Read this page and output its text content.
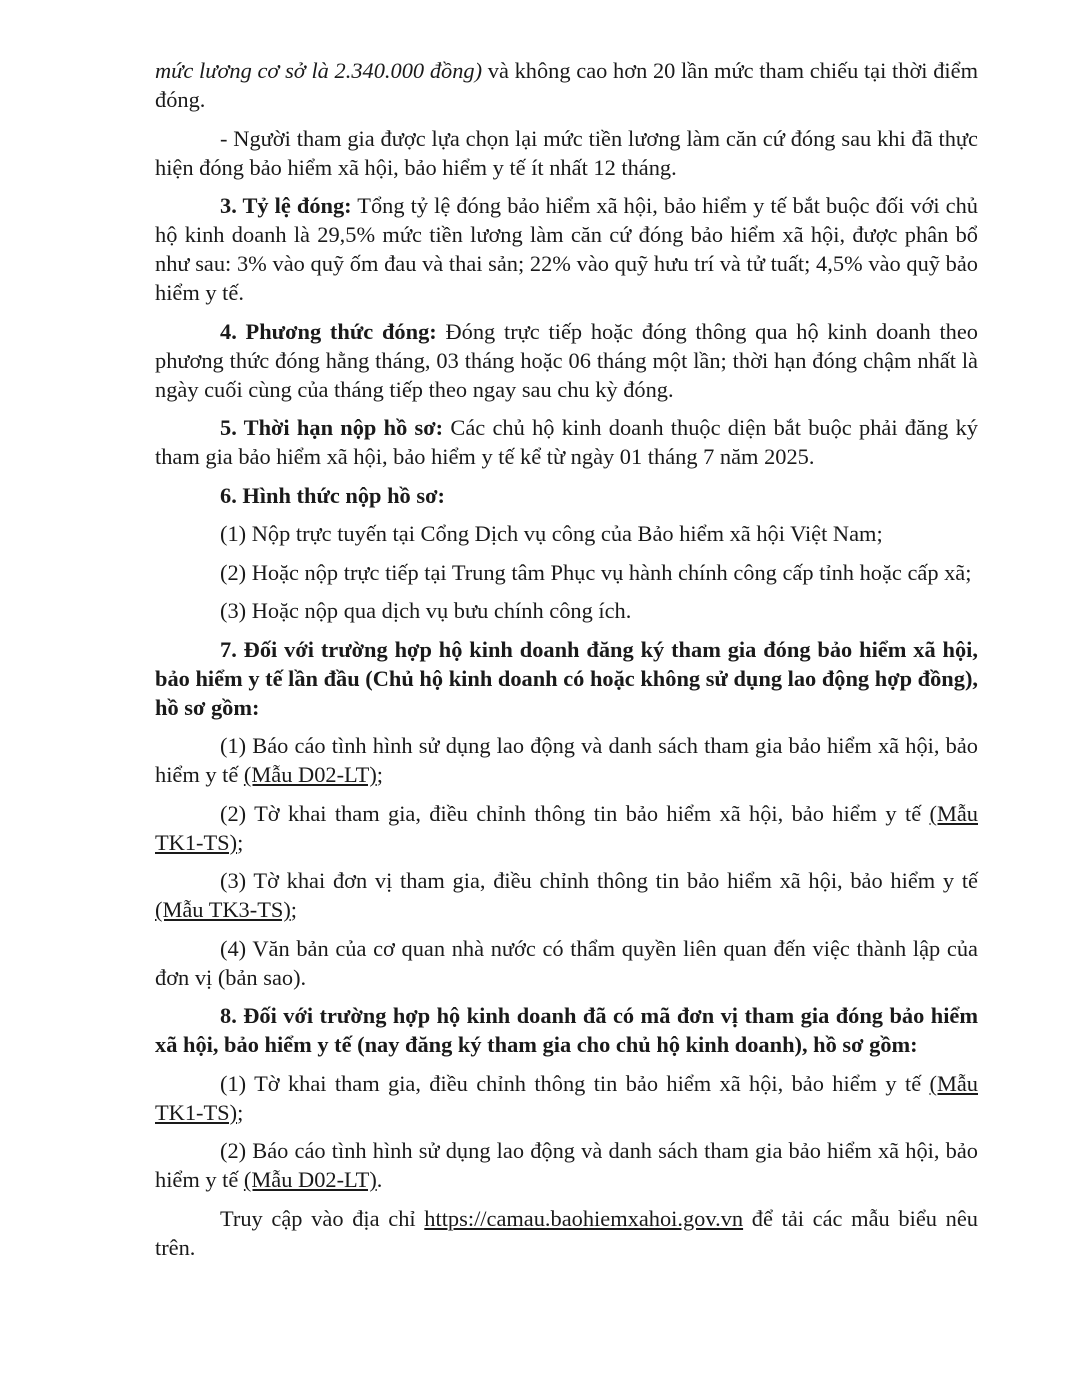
mức lương cơ sở là 2.340.000 đồng) và không cao hơn 20 lần mức tham chiếu tại thời điểm đóng.

- Người tham gia được lựa chọn lại mức tiền lương làm căn cứ đóng sau khi đã thực hiện đóng bảo hiểm xã hội, bảo hiểm y tế ít nhất 12 tháng.

3. Tỷ lệ đóng: Tổng tỷ lệ đóng bảo hiểm xã hội, bảo hiểm y tế bắt buộc đối với chủ hộ kinh doanh là 29,5% mức tiền lương làm căn cứ đóng bảo hiểm xã hội, được phân bổ như sau: 3% vào quỹ ốm đau và thai sản; 22% vào quỹ hưu trí và tử tuất; 4,5% vào quỹ bảo hiểm y tế.

4. Phương thức đóng: Đóng trực tiếp hoặc đóng thông qua hộ kinh doanh theo phương thức đóng hằng tháng, 03 tháng hoặc 06 tháng một lần; thời hạn đóng chậm nhất là ngày cuối cùng của tháng tiếp theo ngay sau chu kỳ đóng.

5. Thời hạn nộp hồ sơ: Các chủ hộ kinh doanh thuộc diện bắt buộc phải đăng ký tham gia bảo hiểm xã hội, bảo hiểm y tế kể từ ngày 01 tháng 7 năm 2025.

6. Hình thức nộp hồ sơ:

(1) Nộp trực tuyến tại Cổng Dịch vụ công của Bảo hiểm xã hội Việt Nam;

(2) Hoặc nộp trực tiếp tại Trung tâm Phục vụ hành chính công cấp tỉnh hoặc cấp xã;

(3) Hoặc nộp qua dịch vụ bưu chính công ích.

7. Đối với trường hợp hộ kinh doanh đăng ký tham gia đóng bảo hiểm xã hội, bảo hiểm y tế lần đầu (Chủ hộ kinh doanh có hoặc không sử dụng lao động hợp đồng), hồ sơ gồm:

(1) Báo cáo tình hình sử dụng lao động và danh sách tham gia bảo hiểm xã hội, bảo hiểm y tế (Mẫu D02-LT);

(2) Tờ khai tham gia, điều chỉnh thông tin bảo hiểm xã hội, bảo hiểm y tế (Mẫu TK1-TS);

(3) Tờ khai đơn vị tham gia, điều chỉnh thông tin bảo hiểm xã hội, bảo hiểm y tế (Mẫu TK3-TS);

(4) Văn bản của cơ quan nhà nước có thẩm quyền liên quan đến việc thành lập của đơn vị (bản sao).

8. Đối với trường hợp hộ kinh doanh đã có mã đơn vị tham gia đóng bảo hiểm xã hội, bảo hiểm y tế (nay đăng ký tham gia cho chủ hộ kinh doanh), hồ sơ gồm:

(1) Tờ khai tham gia, điều chỉnh thông tin bảo hiểm xã hội, bảo hiểm y tế (Mẫu TK1-TS);

(2) Báo cáo tình hình sử dụng lao động và danh sách tham gia bảo hiểm xã hội, bảo hiểm y tế (Mẫu D02-LT).

Truy cập vào địa chỉ https://camau.baohiemxahoi.gov.vn để tải các mẫu biểu nêu trên.
